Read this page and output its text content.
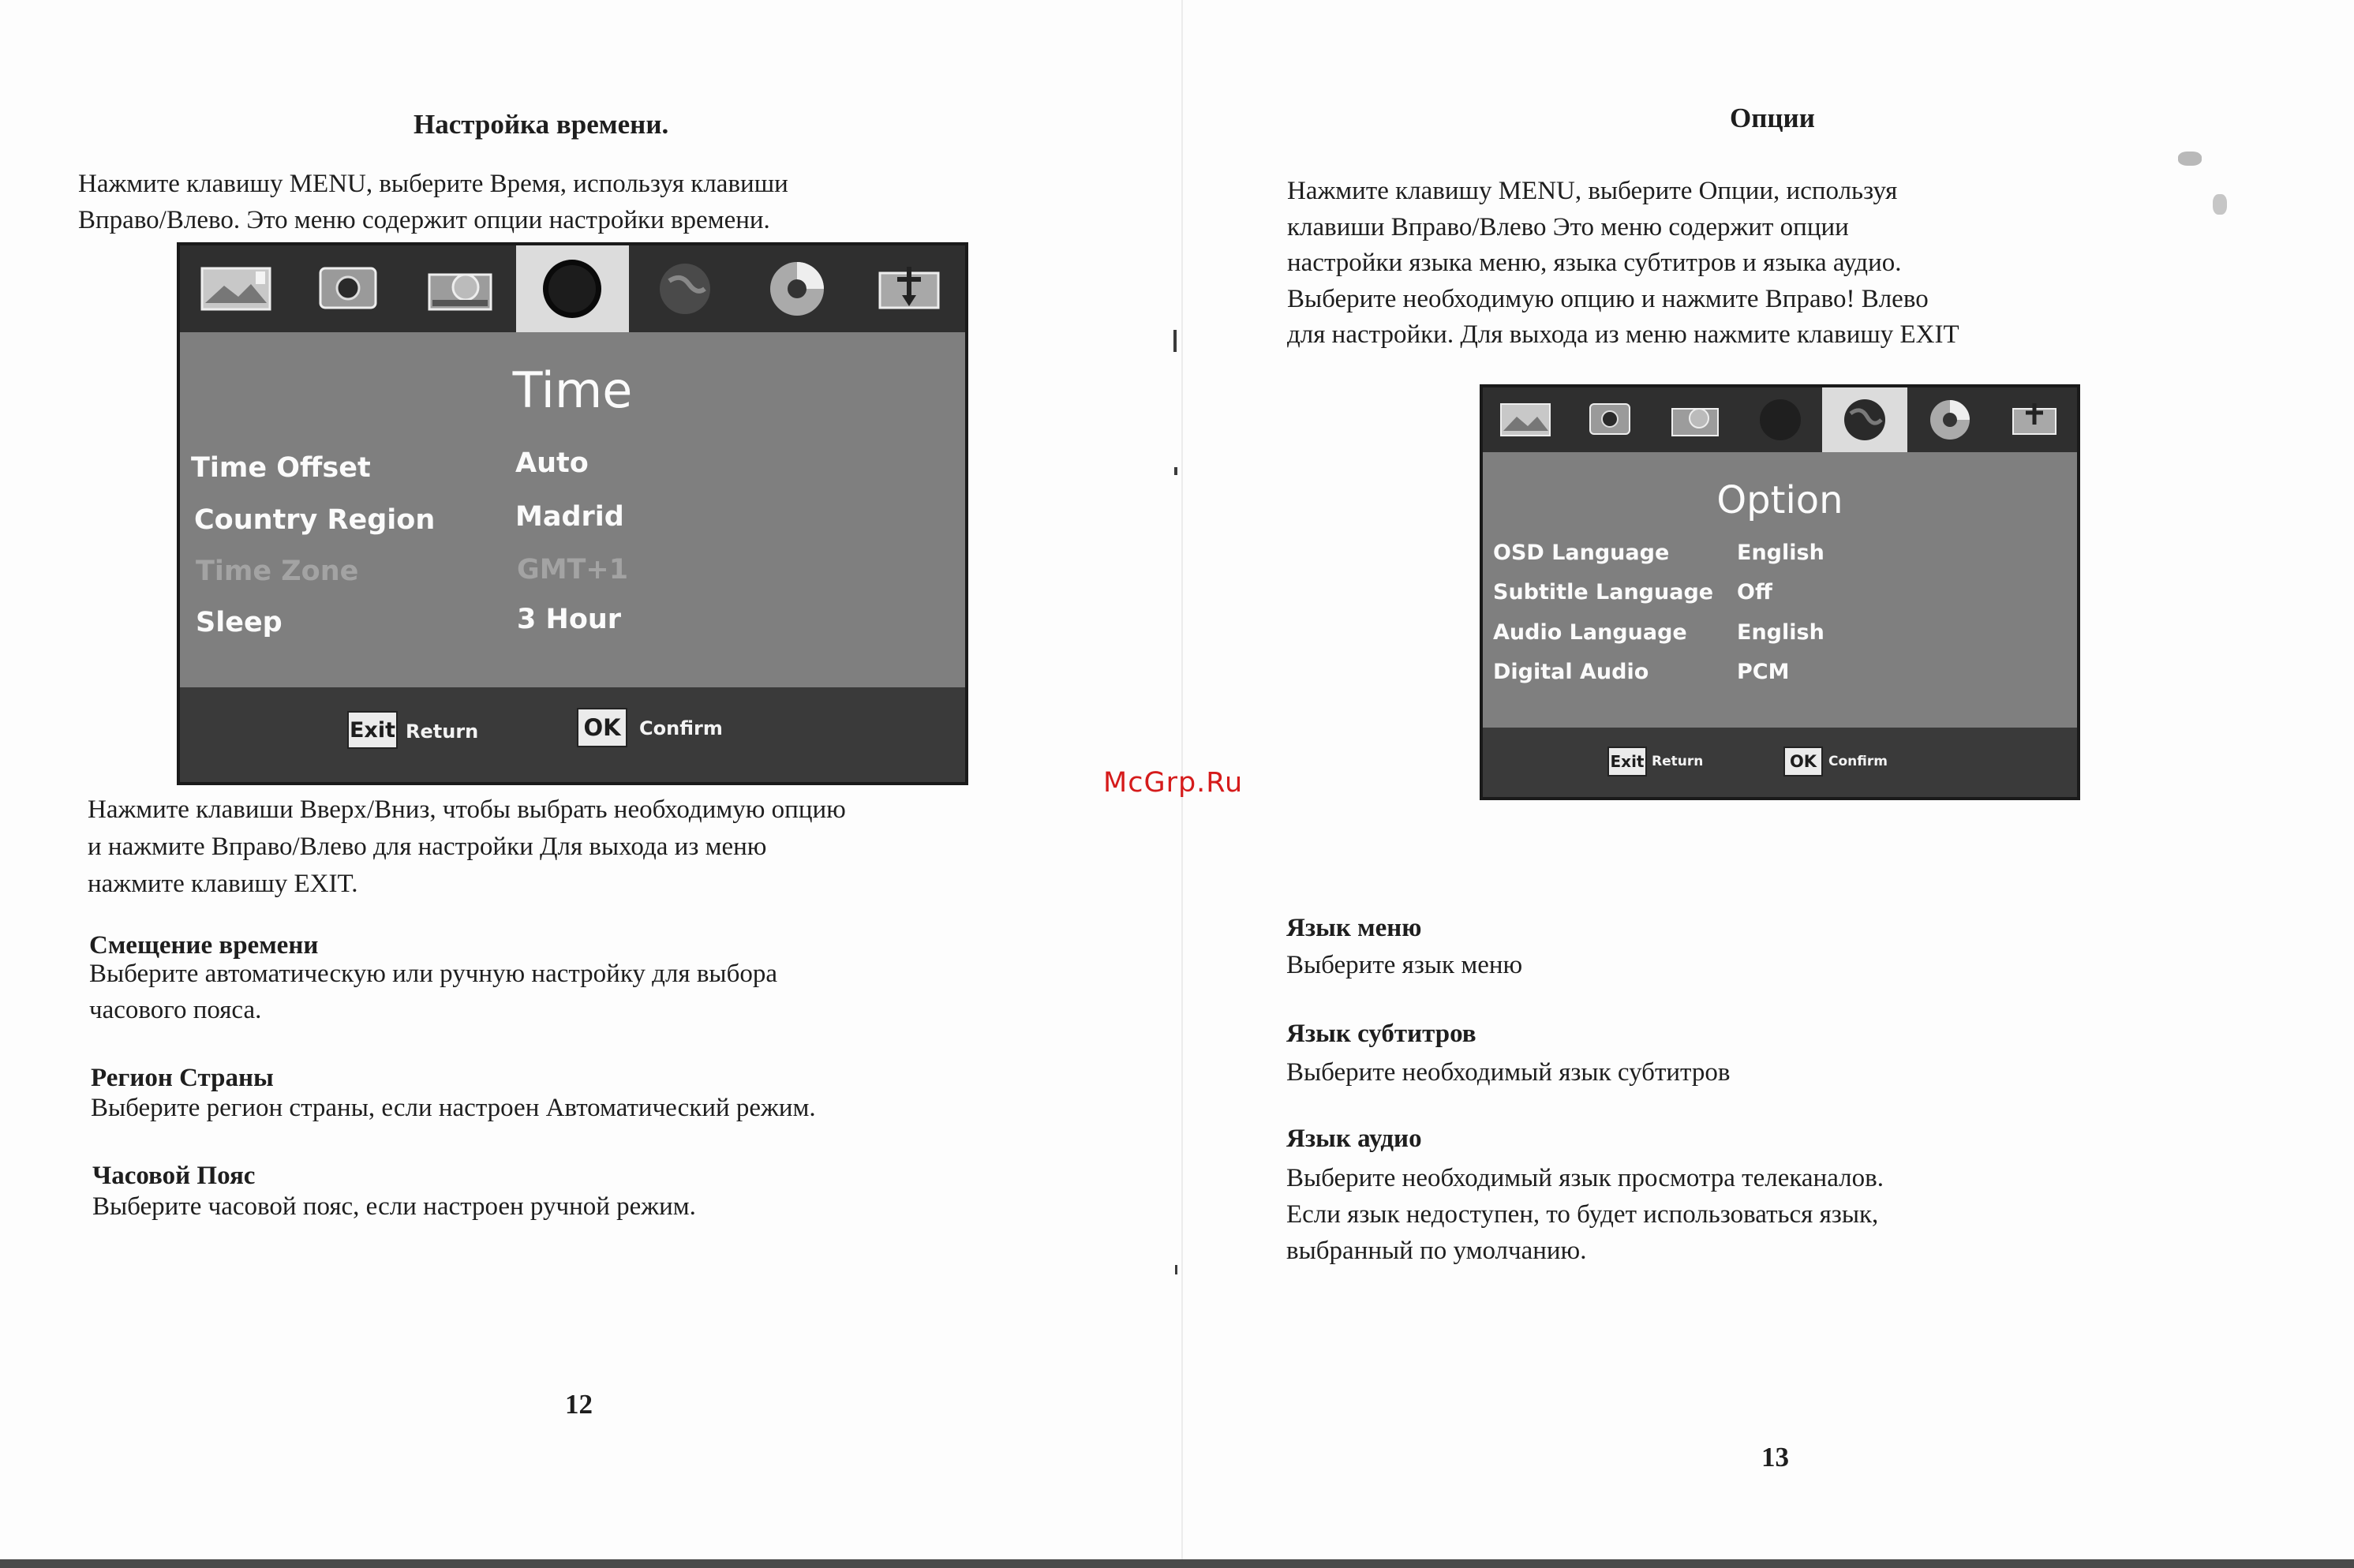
Настройка времени.
Нажмите клавишу MENU, выберите Время, используя клавиши
Вправо/Влево. Это меню содержит опции настройки времени.
Time
Time Offset	Auto
Country Region	Madrid
Time Zone	GMT+1
Sleep	3 Hour
Exit Return	OK Confirm
Нажмите клавиши Вверх/Вниз, чтобы выбрать необходимую опцию
и нажмите Вправо/Влево для настройки Для выхода из меню
нажмите клавишу EXIT.
Смещение времени
Выберите автоматическую или ручную настройку для выбора
часового пояса.
Регион Страны
Выберите регион страны, если настроен Автоматический режим.
Часовой Пояс
Выберите часовой пояс, если настроен ручной режим.
12
Опции
Нажмите клавишу MENU, выберите Опции, используя
клавиши Вправо/Влево Это меню содержит опции
настройки языка меню, языка субтитров и языка аудио.
Выберите необходимую опцию и нажмите Вправо! Влево
для настройки. Для выхода из меню нажмите клавишу EXIT
Option
OSD Language	English
Subtitle Language Off
Audio Language English
Digital Audio	PCM
Exit Return	OK Confirm
Язык меню
Выберите язык меню
Язык субтитров
Выберите необходимый язык субтитров
Язык аудио
Выберите необходимый язык просмотра телеканалов.
Если язык недоступен, то будет использоваться язык,
выбранный по умолчанию.
13
McGrp.Ru
